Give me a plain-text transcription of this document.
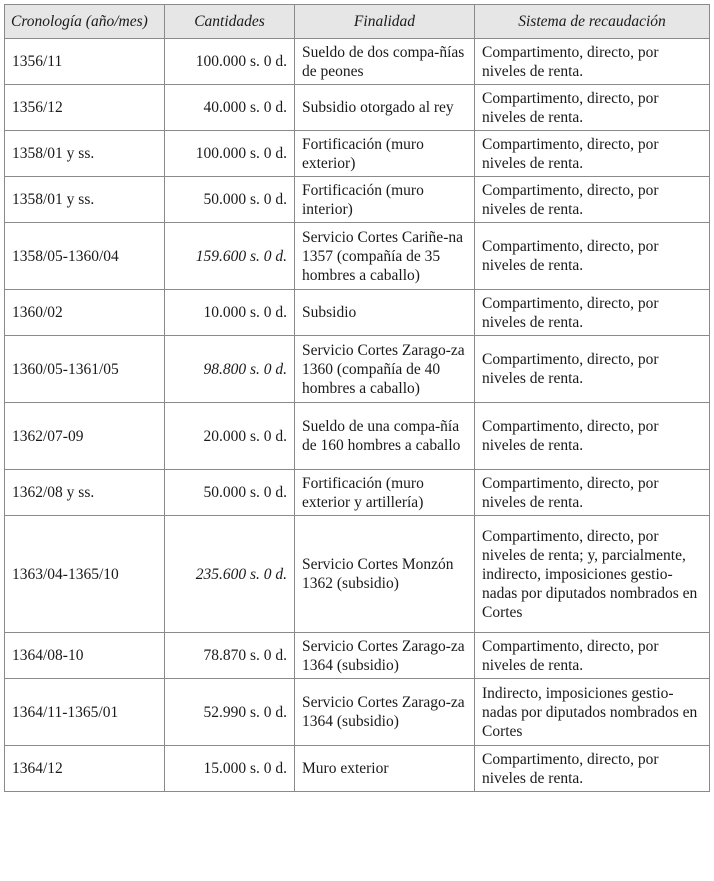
Cronología (año/mes)	Cantidades	Finalidad	Sistema de recaudación
1356/11	100.000 s. 0 d.	Sueldo de dos compa-ñías de peones	Compartimento, directo, por niveles de renta.
1356/12	40.000 s. 0 d.	Subsidio otorgado al rey	Compartimento, directo, por niveles de renta.
1358/01 y ss.	100.000 s. 0 d.	Fortificación (muro exterior)	Compartimento, directo, por niveles de renta.
1358/01 y ss.	50.000 s. 0 d.	Fortificación (muro interior)	Compartimento, directo, por niveles de renta.
1358/05-1360/04	159.600 s. 0 d.	Servicio Cortes Cariñe-na 1357 (compañía de 35 hombres a caballo)	Compartimento, directo, por niveles de renta.
1360/02	10.000 s. 0 d.	Subsidio	Compartimento, directo, por niveles de renta.
1360/05-1361/05	98.800 s. 0 d.	Servicio Cortes Zarago-za 1360 (compañía de 40 hombres a caballo)	Compartimento, directo, por niveles de renta.
1362/07-09	20.000 s. 0 d.	Sueldo de una compa-ñía de 160 hombres a caballo	Compartimento, directo, por niveles de renta.
1362/08 y ss.	50.000 s. 0 d.	Fortificación (muro exterior y artillería)	Compartimento, directo, por niveles de renta.
1363/04-1365/10	235.600 s. 0 d.	Servicio Cortes Monzón 1362 (subsidio)	Compartimento, directo, por niveles de renta; y, parcialmente, indirecto, imposiciones gestio-nadas por diputados nombrados en Cortes
1364/08-10	78.870 s. 0 d.	Servicio Cortes Zarago-za 1364 (subsidio)	Compartimento, directo, por niveles de renta.
1364/11-1365/01	52.990 s. 0 d.	Servicio Cortes Zarago-za 1364 (subsidio)	Indirecto, imposiciones gestio-nadas por diputados nombrados en Cortes
1364/12	15.000 s. 0 d.	Muro exterior	Compartimento, directo, por niveles de renta.
